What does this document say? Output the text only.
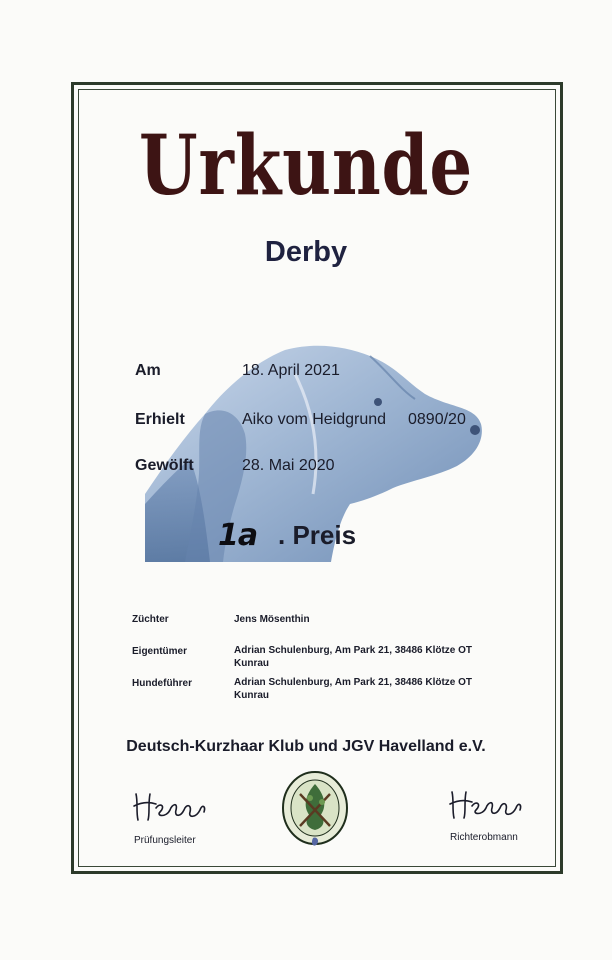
Urkunde
Derby
Am	18. April 2021
Erhielt	Aiko vom Heidgrund 0890/20
Gewölft	28. Mai 2020
1a . Preis
Züchter	Jens Mösenthin
Eigentümer	Adrian Schulenburg, Am Park 21, 38486 Klötze OT Kunrau
Hundeführer	Adrian Schulenburg, Am Park 21, 38486 Klötze OT Kunrau
Deutsch-Kurzhaar Klub und JGV Havelland e.V.
Prüfungsleiter	Richterobmann
